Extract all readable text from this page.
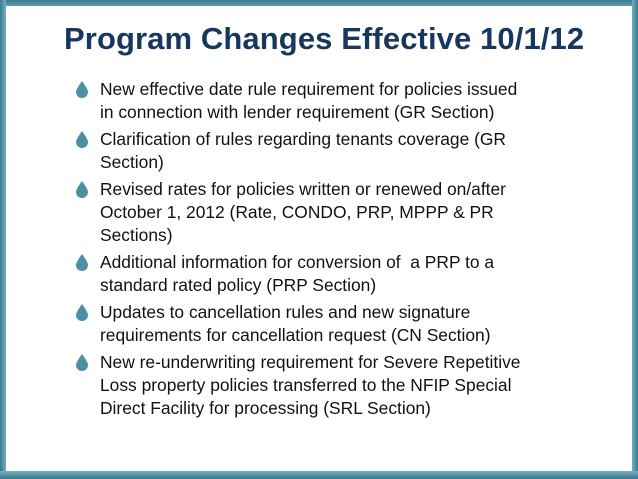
Program Changes Effective 10/1/12
New effective date rule requirement for policies issued
in connection with lender requirement (GR Section)
Clarification of rules regarding tenants coverage (GR
Section)
Revised rates for policies written or renewed on/after
October 1, 2012 (Rate, CONDO, PRP, MPPP & PR
Sections)
Additional information for conversion of  a PRP to a
standard rated policy (PRP Section)
Updates to cancellation rules and new signature
requirements for cancellation request (CN Section)
New re-underwriting requirement for Severe Repetitive
Loss property policies transferred to the NFIP Special
Direct Facility for processing (SRL Section)
